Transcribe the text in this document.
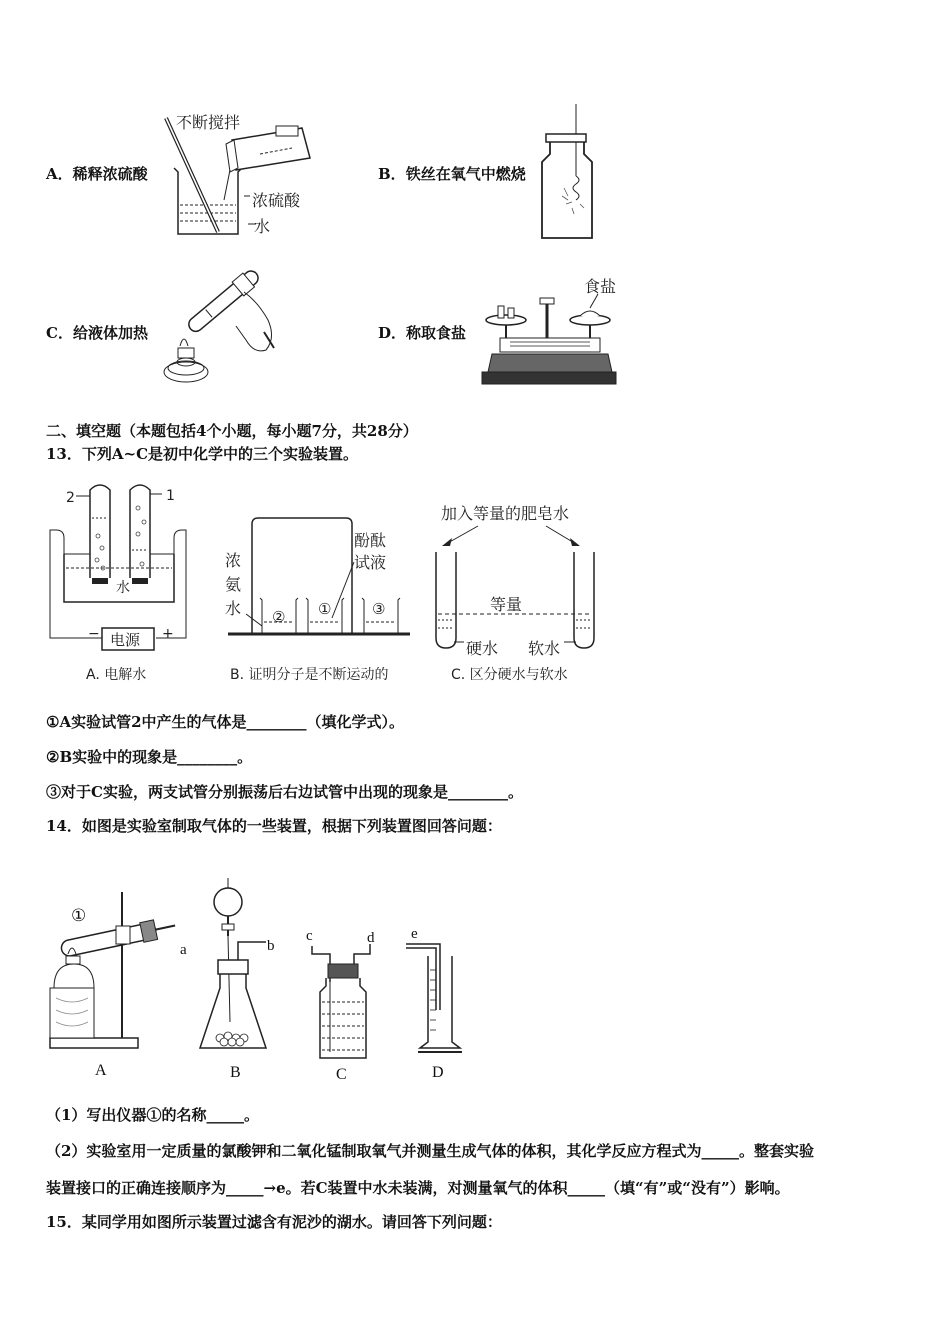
A．稀释浓硫酸
不断搅拌
浓硫酸
水
B．铁丝在氧气中燃烧
C．给液体加热	D．称取食盐
食盐
二、填空题（本题包括4个小题，每小题7分，共28分）
13．下列A~C是初中化学中的三个实验装置。
2	1
水
电源
−	+
A. 电解水
② ①	③
浓
氨
水
酚酞
试液
B. 证明分子是不断运动的
加入等量的肥皂水
等量
硬水 软水
C. 区分硬水与软水
①A实验试管2中产生的气体是________（填化学式）。
②B实验中的现象是________。
③对于C实验，两支试管分别振荡后右边试管中出现的现象是________。
14．如图是实验室制取气体的一些装置，根据下列装置图回答问题：
①
a
A
b
B
c	d
C
e
D
（1）写出仪器①的名称_____。
（2）实验室用一定质量的氯酸钾和二氧化锰制取氧气并测量生成气体的体积，其化学反应方程式为_____。整套实验
装置接口的正确连接顺序为_____→e。若C装置中水未装满，对测量氧气的体积_____（填“有”或“没有”）影响。
15．某同学用如图所示装置过滤含有泥沙的湖水。请回答下列问题：
